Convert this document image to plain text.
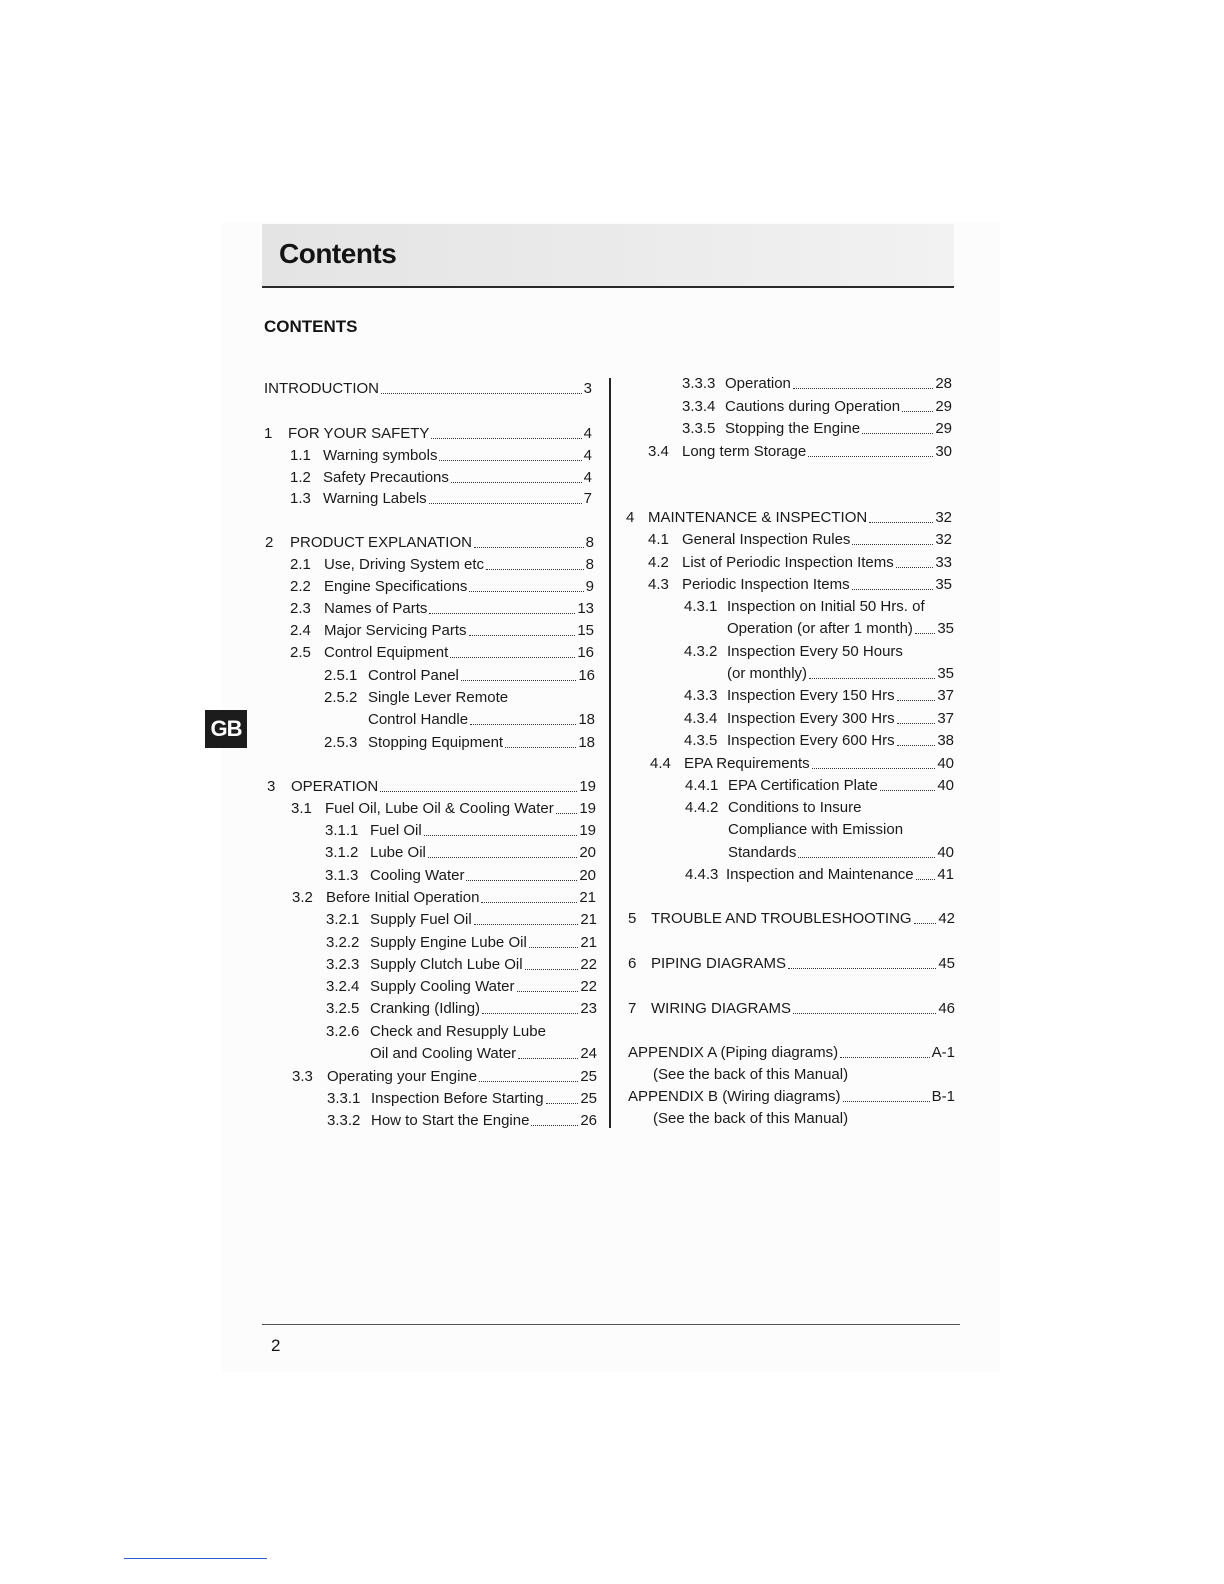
Contents
CONTENTS
GB
INTRODUCTION	3
1 FOR YOUR SAFETY	4
1.1 Warning symbols	4
1.2 Safety Precautions	4
1.3 Warning Labels	7
2 PRODUCT EXPLANATION	8
2.1 Use, Driving System etc	8
2.2 Engine Specifications	9
2.3 Names of Parts	13
2.4 Major Servicing Parts	15
2.5 Control Equipment	16
2.5.1 Control Panel	16
2.5.2 Single Lever Remote
Control Handle	18
2.5.3 Stopping Equipment	18
3 OPERATION	19
3.1 Fuel Oil, Lube Oil & Cooling Water 19
3.1.1 Fuel Oil	19
3.1.2 Lube Oil	20
3.1.3 Cooling Water	20
3.2 Before Initial Operation	21
3.2.1 Supply Fuel Oil	21
3.2.2 Supply Engine Lube Oil	21
3.2.3 Supply Clutch Lube Oil	22
3.2.4 Supply Cooling Water	22
3.2.5 Cranking (Idling)	23
3.2.6 Check and Resupply Lube
Oil and Cooling Water	24
3.3 Operating your Engine	25
3.3.1 Inspection Before Starting 25
3.3.2 How to Start the Engine	26
3.3.3 Operation	28
3.3.4 Cautions during Operation 29
3.3.5 Stopping the Engine	29
3.4 Long term Storage	30
4 MAINTENANCE & INSPECTION	32
4.1 General Inspection Rules	32
4.2 List of Periodic Inspection Items	33
4.3 Periodic Inspection Items	35
4.3.1 Inspection on Initial 50 Hrs. of
Operation (or after 1 month) 35
4.3.2 Inspection Every 50 Hours
(or monthly)	35
4.3.3 Inspection Every 150 Hrs	37
4.3.4 Inspection Every 300 Hrs	37
4.3.5 Inspection Every 600 Hrs	38
4.4 EPA Requirements	40
4.4.1 EPA Certification Plate	40
4.4.2 Conditions to Insure
Compliance with Emission
Standards	40
4.4.3 Inspection and Maintenance 41
5 TROUBLE AND TROUBLESHOOTING 42
6 PIPING DIAGRAMS	45
7 WIRING DIAGRAMS	46
APPENDIX A (Piping diagrams)	A-1
(See the back of this Manual)
APPENDIX B (Wiring diagrams)	B-1
(See the back of this Manual)
2
